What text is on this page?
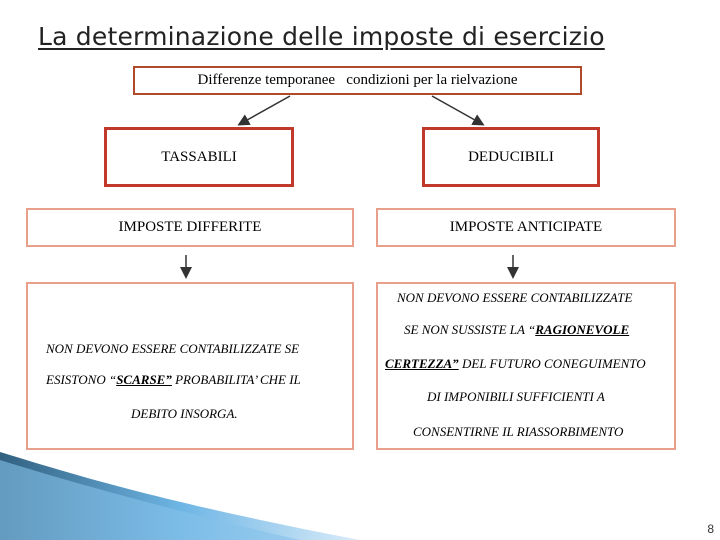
La determinazione delle imposte di esercizio
Differenze temporanee   condizioni per la rielvazione
TASSABILI	DEDUCIBILI
IMPOSTE DIFFERITE	IMPOSTE ANTICIPATE
NON DEVONO ESSERE CONTABILIZZATE SE
ESISTONO “SCARSE” PROBABILITA’ CHE IL
DEBITO INSORGA.
NON DEVONO ESSERE CONTABILIZZATE
SE NON SUSSISTE LA “RAGIONEVOLE
CERTEZZA” DEL FUTURO CONEGUIMENTO
DI IMPONIBILI SUFFICIENTI A
CONSENTIRNE IL RIASSORBIMENTO
8
